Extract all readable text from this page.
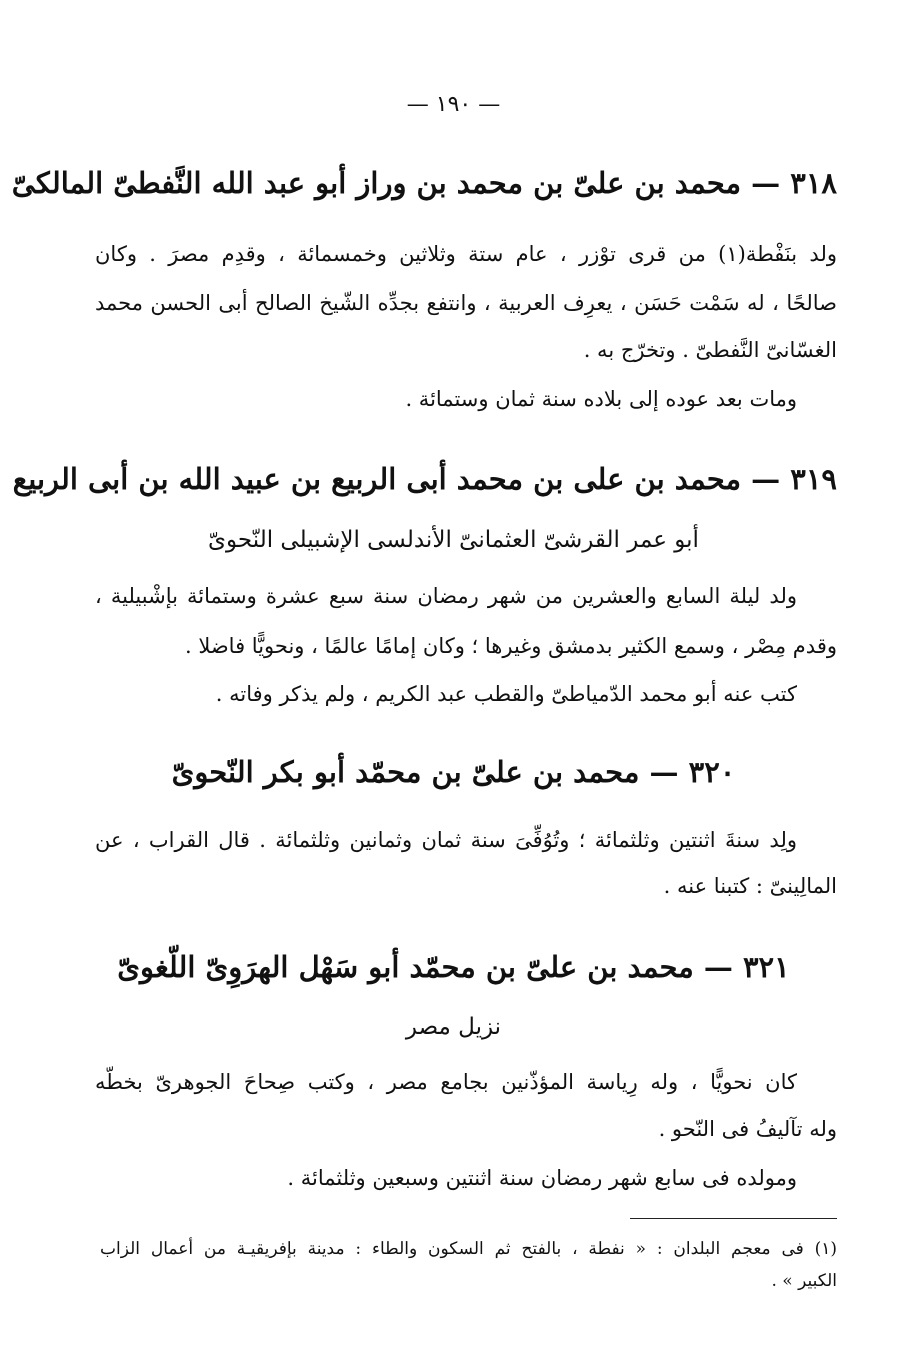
— ١٩٠ —
٣١٨ — محمد بن علىّ بن محمد بن وراز أبو عبد الله النَّفطىّ المالكىّ
ولد بنَفْطة(١) من قرى توْزر ، عام ستة وثلاثين وخمسمائة ، وقدِم مصرَ . وكان
صالحًا ، له سَمْت حَسَن ، يعرِف العربية ، وانتفع بجدِّه الشّيخ الصالح أبى الحسن محمد
الغسّانىّ النَّفطىّ . وتخرّج به .
ومات بعد عوده إلى بلاده سنة ثمان وستمائة .
٣١٩ — محمد بن على بن محمد أبى الربيع بن عبيد الله بن أبى الربيع
أبو عمر القرشىّ العثمانىّ الأندلسى الإشبيلى النّحوىّ
ولد ليلة السابع والعشرين من شهر رمضان سنة سبع عشرة وستمائة بإشْبيلية ،
وقدم مِصْر ، وسمع الكثير بدمشق وغيرها ؛ وكان إمامًا عالمًا ، ونحويًّا فاضلا .
كتب عنه أبو محمد الدّمياطىّ والقطب عبد الكريم ، ولم يذكر وفاته .
٣٢٠ — محمد بن علىّ بن محمّد أبو بكر النّحوىّ
ولِد سنةَ اثنتين وثلثمائة ؛ وتُوُفِّىَ سنة ثمان وثمانين وثلثمائة . قال القراب ، عن
المالِينىّ : كتبنا عنه .
٣٢١ — محمد بن علىّ بن محمّد أبو سَهْل الهرَوِىّ اللّغوىّ
نزيل مصر
كان نحويًّا ، وله رِياسة المؤذّنين بجامع مصر ، وكتب صِحاحَ الجوهرىّ بخطّه
وله تآليفُ فى النّحو .
ومولده فى سابع شهر رمضان سنة اثنتين وسبعين وثلثمائة .
(١) فى معجم البلدان : « نفطة ، بالفتح ثم السكون والطاء : مدينة بإفريقيـة من أعمال الزاب
الكبير » .
